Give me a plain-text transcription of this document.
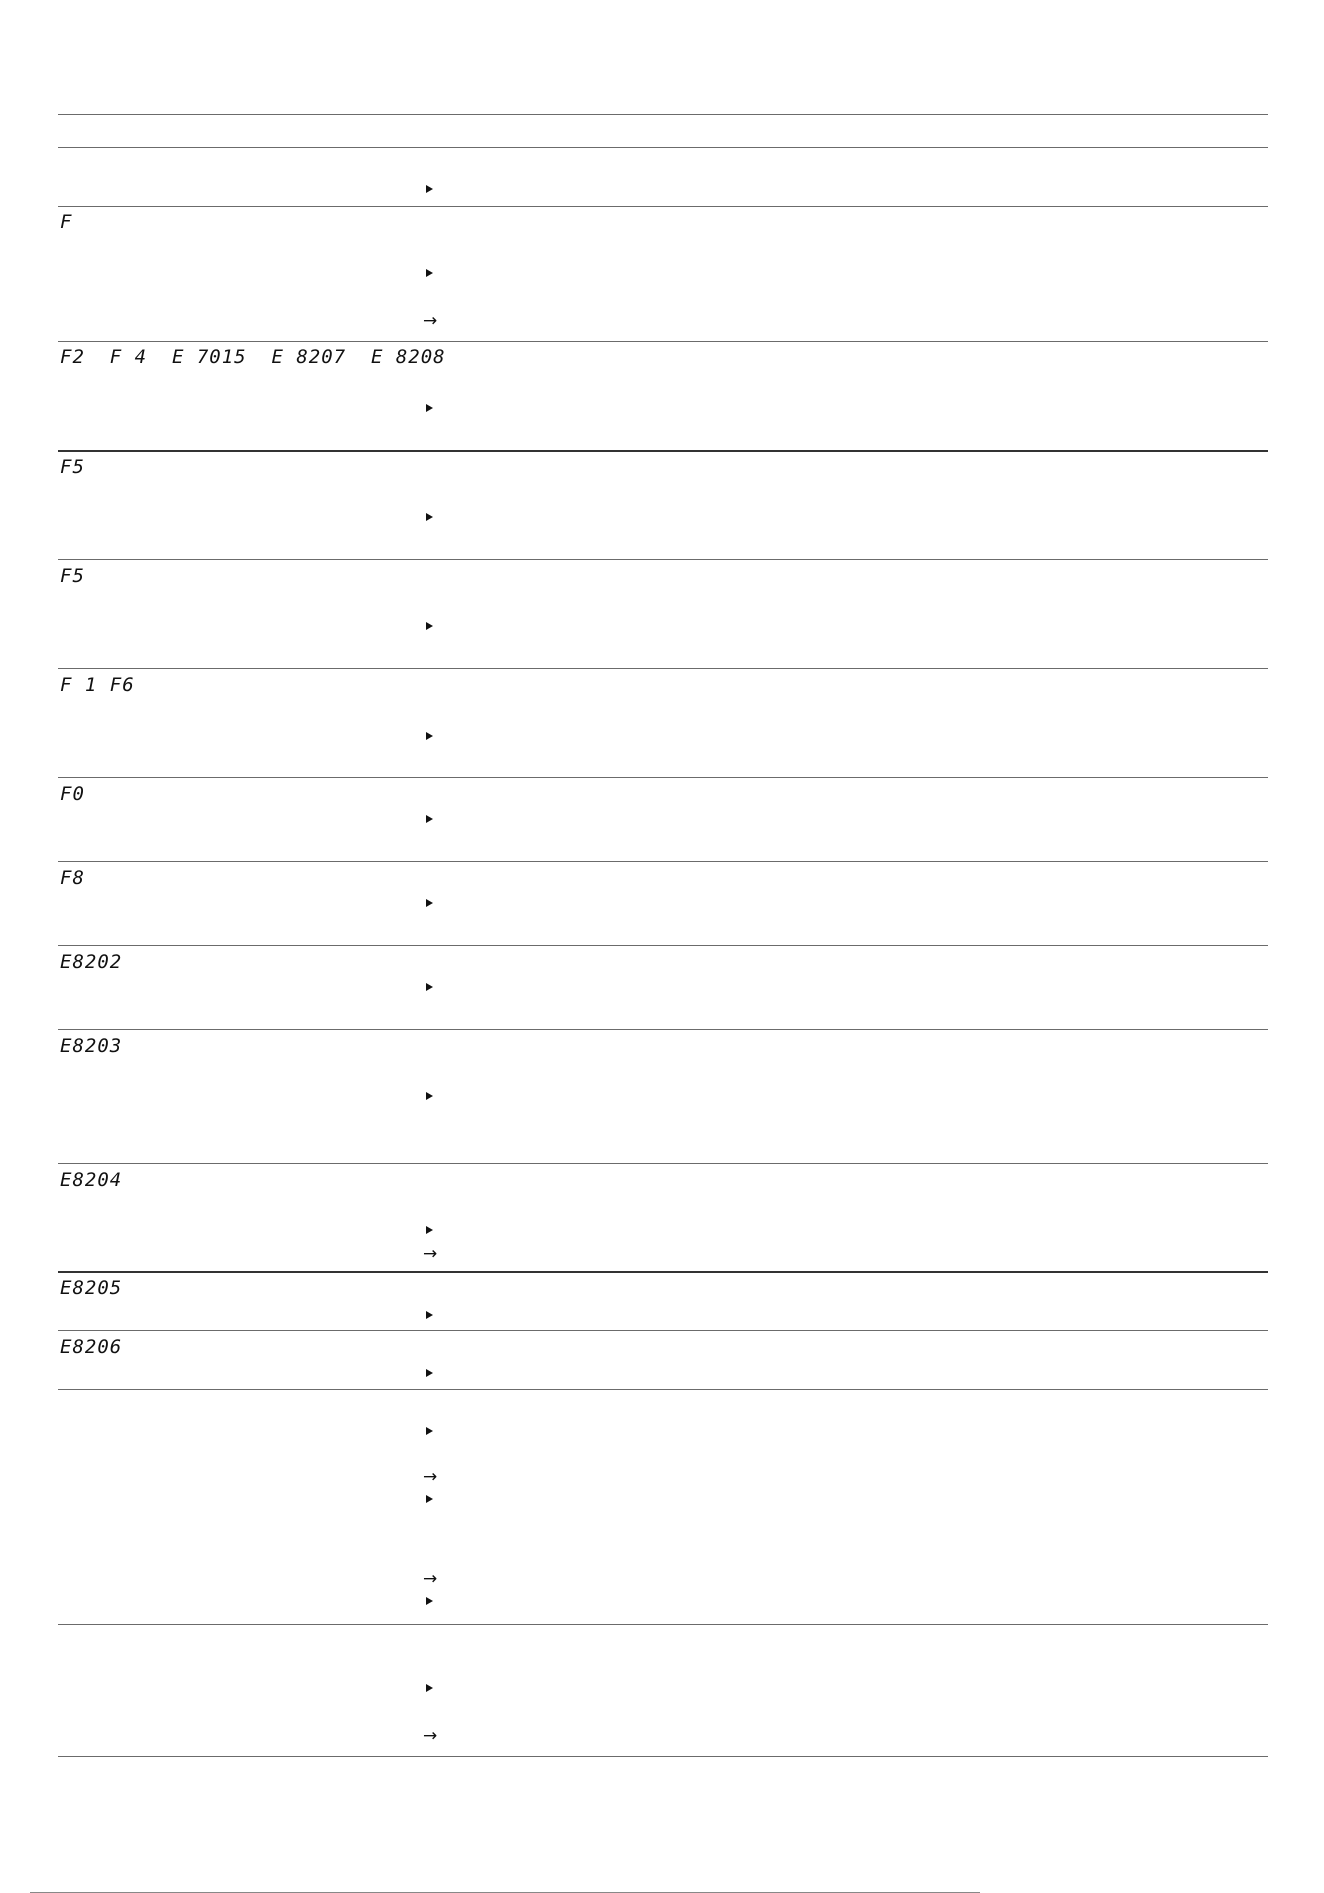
F
→
F2  F 4  E 7015  E 8207  E 8208
F5
F5
F 1 F6
F0
F8
E8202
E8203
E8204
→
E8205
E8206
→
→
→
